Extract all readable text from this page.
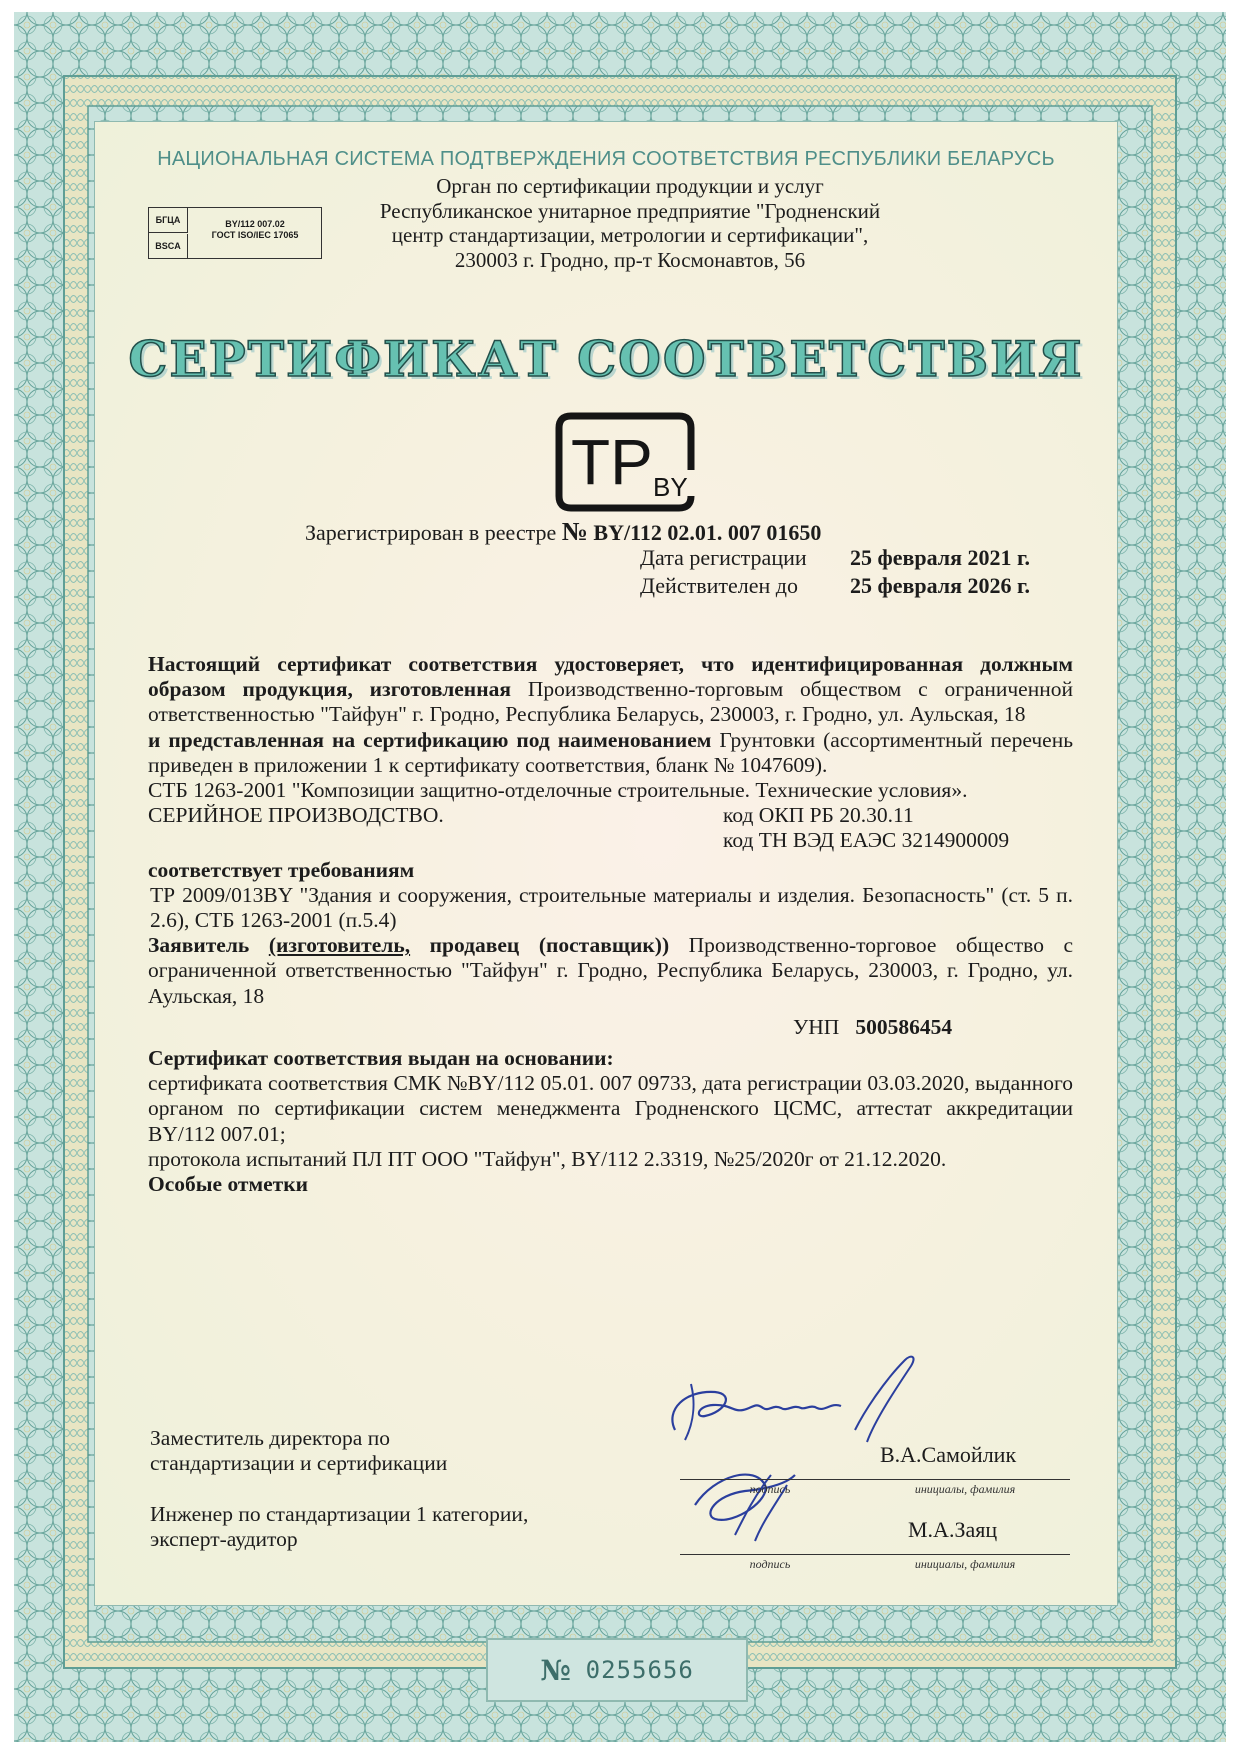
НАЦИОНАЛЬНАЯ СИСТЕМА ПОДТВЕРЖДЕНИЯ СООТВЕТСТВИЯ РЕСПУБЛИКИ БЕЛАРУСЬ
Орган по сертификации продукции и услуг
Республиканское унитарное предприятие "Гродненский
центр стандартизации, метрологии и сертификации",
230003 г. Гродно, пр-т Космонавтов, 56
БГЦА
BSCA
BY/112 007.02
ГОСТ ISO/IEC 17065
СЕРТИФИКАТ СООТВЕТСТВИЯ
TP BY
Зарегистрирован в реестре № BY/112 02.01. 007 01650
Дата регистрации 25 февраля 2021 г.
Действителен до 25 февраля 2026 г.

Настоящий сертификат соответствия удостоверяет, что идентифицированная должным образом продукция, изготовленная Производственно-торговым обществом с ограниченной ответственностью "Тайфун" г. Гродно, Республика Беларусь, 230003, г. Гродно, ул. Аульская, 18

и представленная на сертификацию под наименованием Грунтовки (ассортиментный перечень приведен в приложении 1 к сертификату соответствия, бланк № 1047609).

СТБ 1263-2001 "Композиции защитно-отделочные строительные. Технические условия».

СЕРИЙНОЕ ПРОИЗВОДСТВО.	код ОКП РБ 20.30.11
код ТН ВЭД ЕАЭС 3214900009

соответствует требованиям

ТР 2009/013BY "Здания и сооружения, строительные материалы и изделия. Безопасность" (ст. 5 п. 2.6), СТБ 1263-2001 (п.5.4)

Заявитель (изготовитель, продавец (поставщик)) Производственно-торговое общество с ограниченной ответственностью "Тайфун" г. Гродно, Республика Беларусь, 230003, г. Гродно, ул. Аульская, 18

УНП 500586454

Сертификат соответствия выдан на основании:

сертификата соответствия СМК №BY/112 05.01. 007 09733, дата регистрации 03.03.2020, выданного органом по сертификации систем менеджмента Гродненского ЦСМС, аттестат аккредитации BY/112 007.01;

протокола испытаний ПЛ ПТ ООО "Тайфун", BY/112 2.3319, №25/2020г от 21.12.2020.

Особые отметки

Заместитель директора по
стандартизации и сертификации
Инженер по стандартизации 1 категории,
эксперт-аудитор
подпись
В.А.Самойлик
инициалы, фамилия
подпись
М.А.Заяц
инициалы, фамилия
№ 0255656
